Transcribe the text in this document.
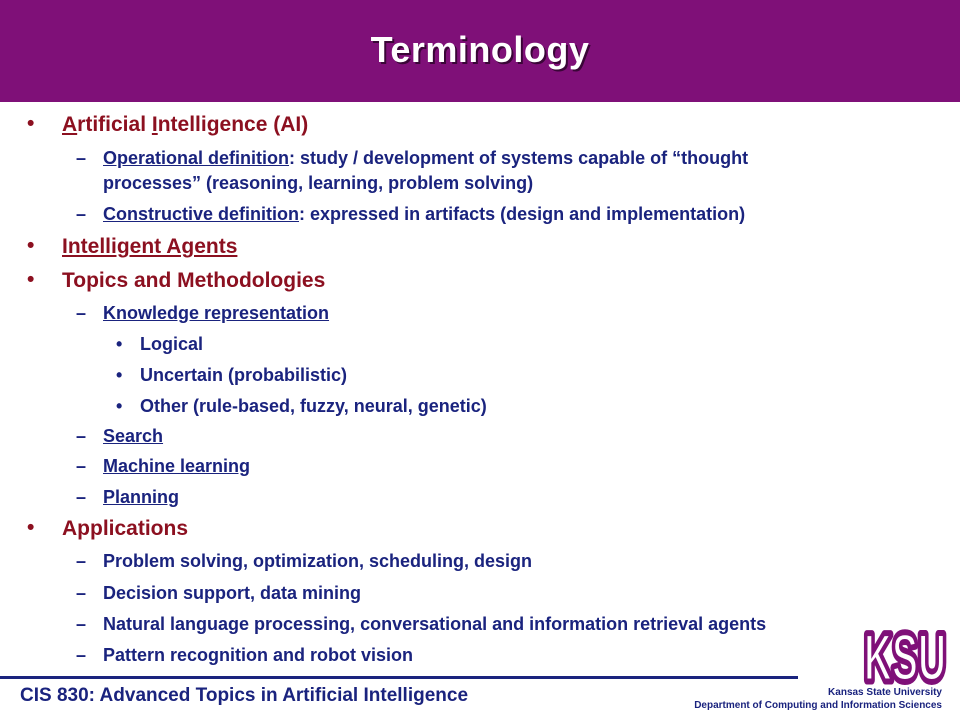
Terminology
• Artificial Intelligence (AI)
– Operational definition: study / development of systems capable of “thought
processes” (reasoning, learning, problem solving)
– Constructive definition: expressed in artifacts (design and implementation)
• Intelligent Agents
• Topics and Methodologies
– Knowledge representation
• Logical
• Uncertain (probabilistic)
• Other (rule-based, fuzzy, neural, genetic)
– Search
– Machine learning
– Planning
• Applications
– Problem solving, optimization, scheduling, design
– Decision support, data mining
– Natural language processing, conversational and information retrieval agents
– Pattern recognition and robot vision	KSU
KSU
CIS 830: Advanced Topics in Artificial Intelligence	Kansas State University
Department of Computing and Information Sciences
